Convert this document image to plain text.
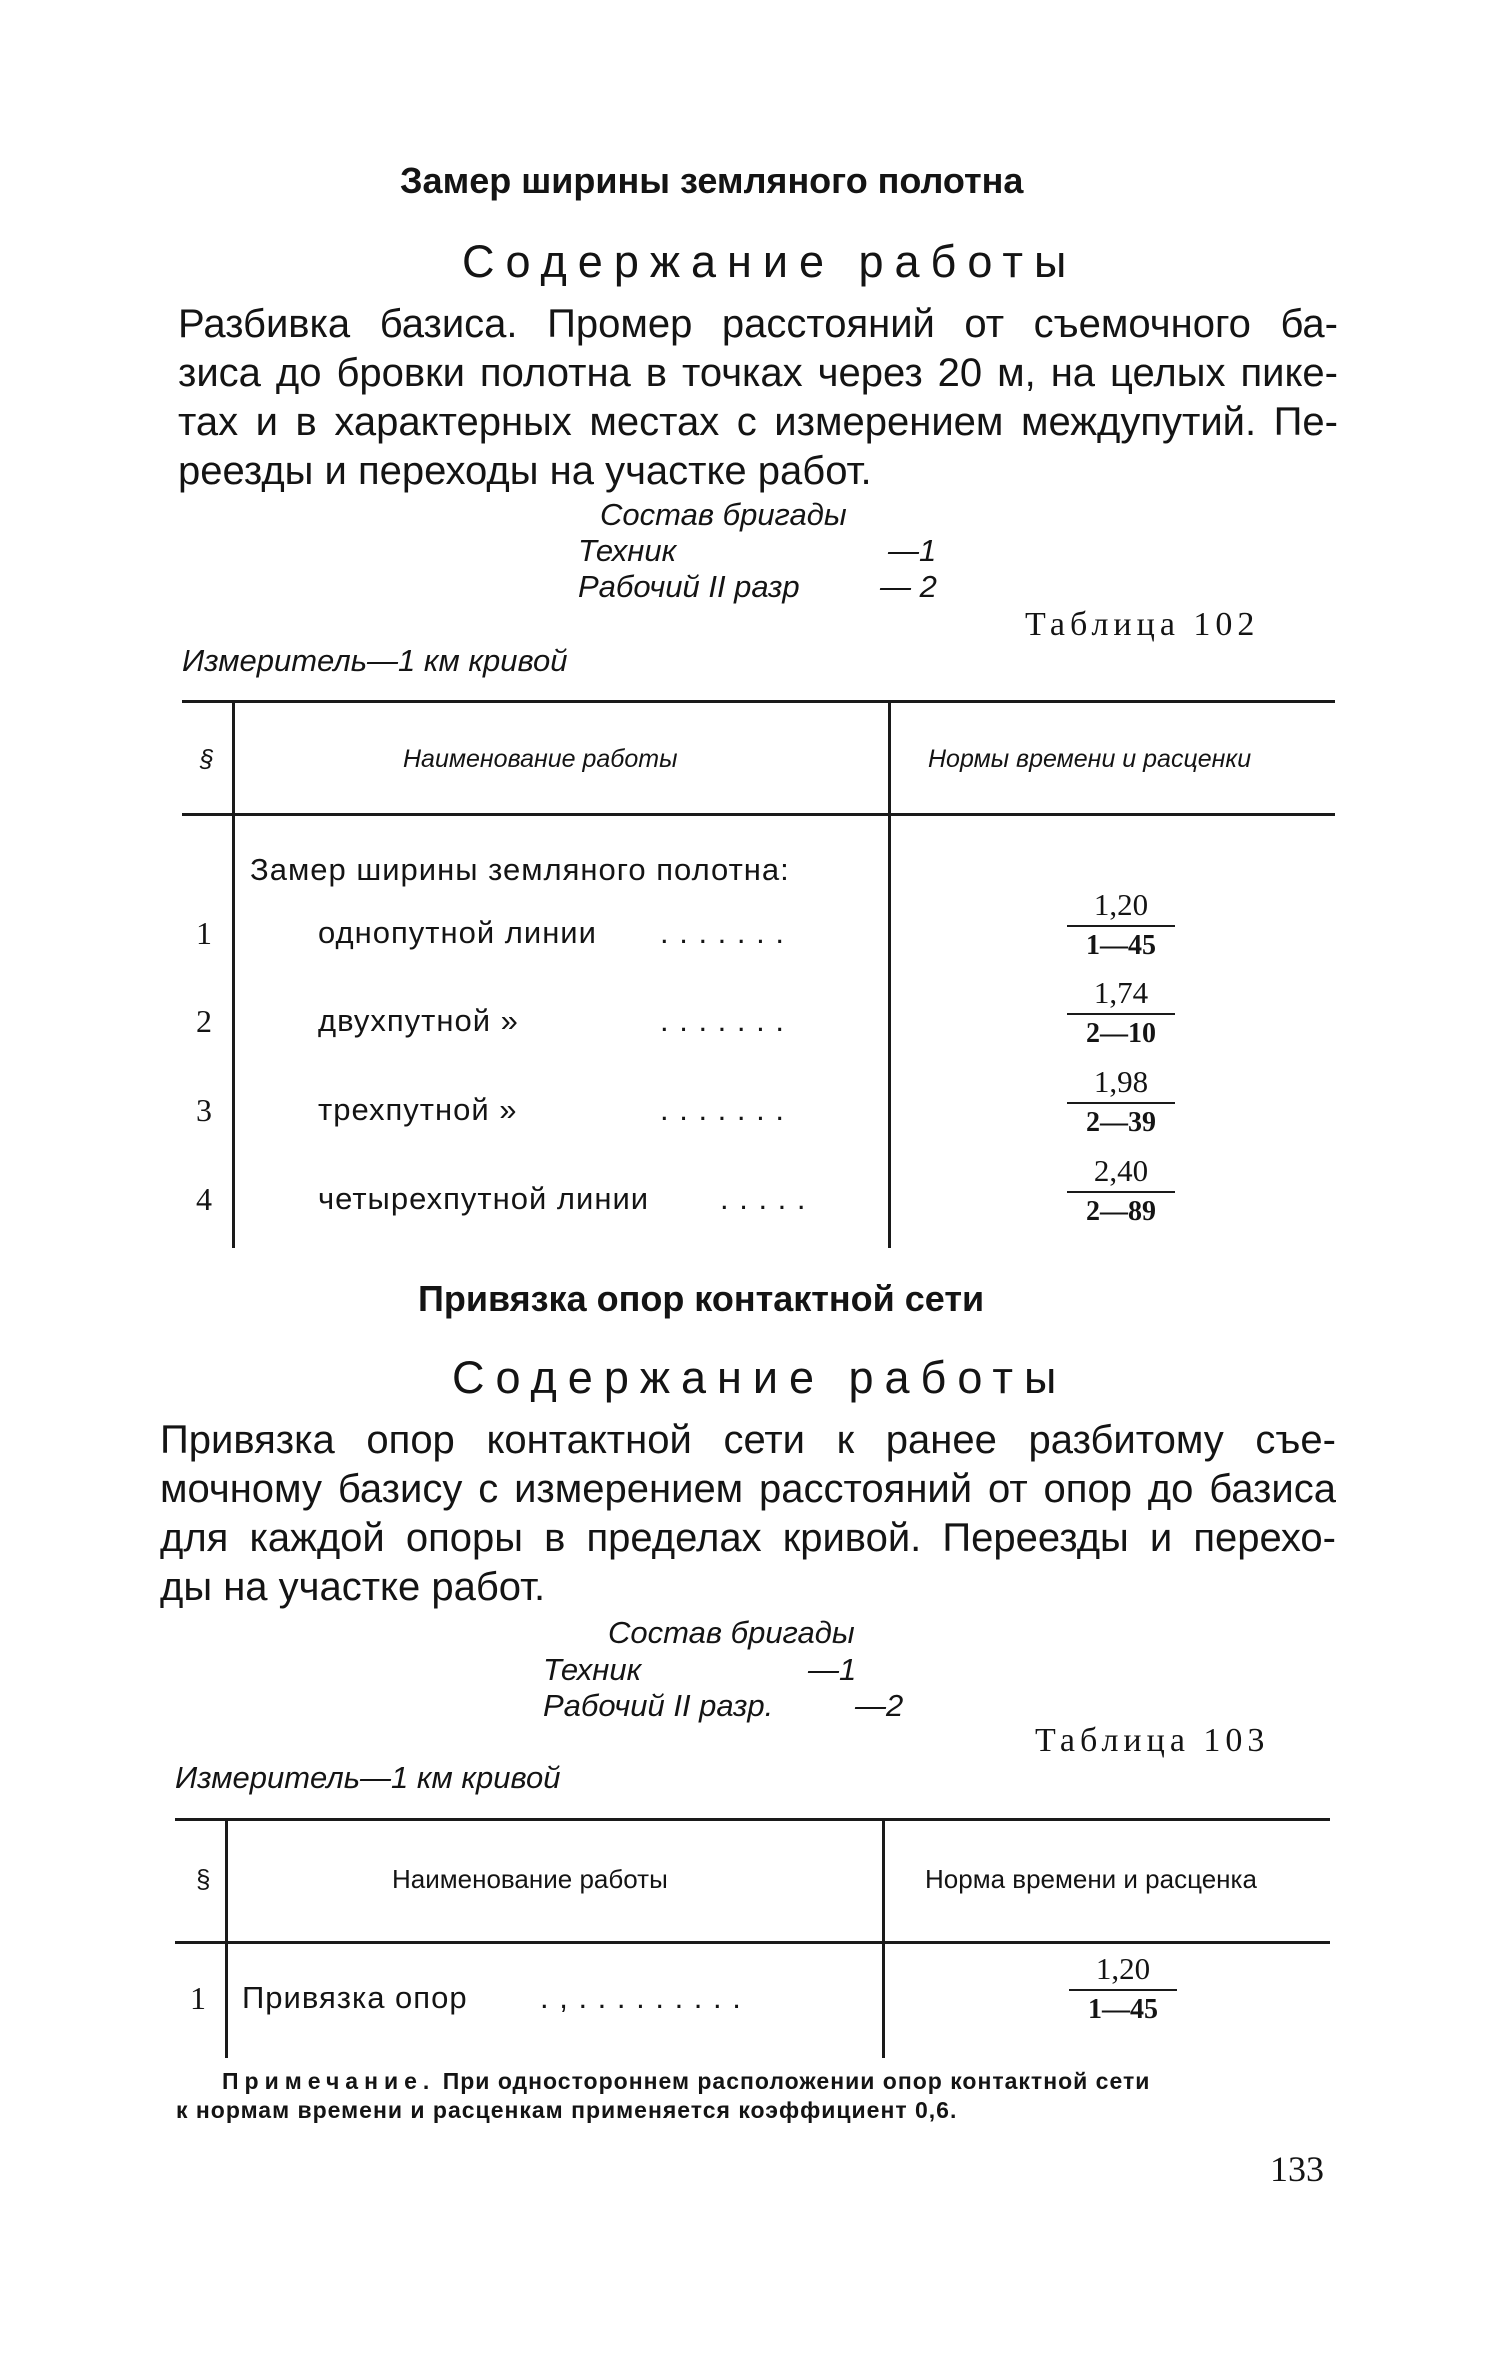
Замер ширины земляного полотна
Содержание работы
Разбивка базиса. Промер расстояний от съемочного ба-
зиса до бровки полотна в точках через 20 м, на целых пике-
тах и в характерных местах с измерением междупутий. Пе-
реезды и переходы на участке работ.
Состав бригады
Техник	—1
Рабочий II разр	— 2
Таблица 102
Измеритель—1 км кривой
§	Наименование работы	Нормы времени и расценки
Замер ширины земляного полотна:
1	однопутной линии . . . . . . .
1,20
1—45
2	двухпутной »	. . . . . . .
1,74
2—10
3	трехпутной »	. . . . . . .
1,98
2—39
4	четырехпутной линии . . . . .
2,40
2—89
Привязка опор контактной сети
Содержание работы
Привязка опор контактной сети к ранее разбитому съе-
мочному базису с измерением расстояний от опор до базиса
для каждой опоры в пределах кривой. Переезды и перехо-
ды на участке работ.
Состав бригады
Техник	—1
Рабочий II разр.	—2
Таблица 103
Измеритель—1 км кривой
§	Наименование работы	Норма времени и расценка
1 Привязка опор . , . . . . . . . . .
1,20
1—45
Примечание. При одностороннем расположении опор контактной сети
к нормам времени и расценкам применяется коэффициент 0,6.
133
